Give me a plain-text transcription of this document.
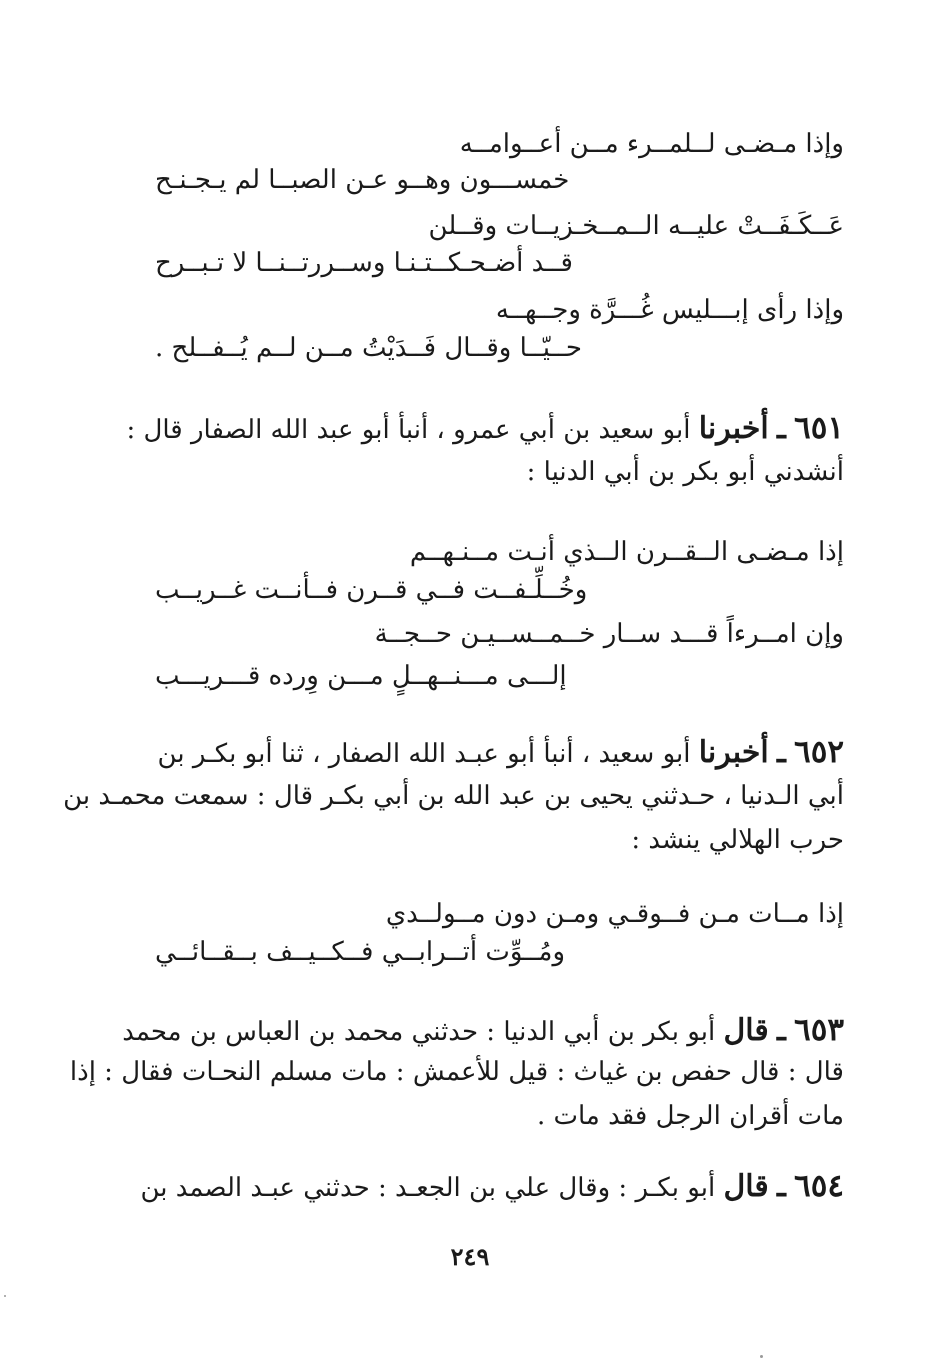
وإذا مـضـى لــلمــرء مــن أعــوامــه
خمســـون وهــو عـن الصبــا لم يـجـنـح
عَــكَـفَــتْ عليــه الــمــخـزيــات وقــلن
قــد أضـحـكــتـنـا وســررتــنــا لا تـبــرح
وإذا رأى إبـــليس غُـــرَّة وجــهــه
حــيّــا وقــال فَــدَيْتُ مــن لــم يُــفــلح .
٦٥١ ـ أخبرنا أبو سعيد بن أبي عمرو ، أنبأ أبو عبد الله الصفار قال :
أنشدني أبو بكر بن أبي الدنيا :
إذا مـضـى الــقــرن الــذي أنـت مــنـهــم
وخُــلِّـفــت فــي قــرن فــأنــت غــريــب
وإن امــرءاً قـــد ســار خــمــســيـن حــجــة
إلـــى مـــنــهــلٍ مـــن وِرده قـــريـــب
٦٥٢ ـ أخبرنا أبو سعيد ، أنبأ أبو عبـد الله الصفار ، ثنا أبو بكـر بن
أبي الـدنيا ، حـدثني يحيى بن عبد الله بن أبي بكـر قال : سمعت محمـد بن
حرب الهلالي ينشد :
إذا مــات مـن فــوقـي ومـن دون مــولــدي
ومُــوِّت أتــرابــي فــكــيــف بــقــائــي
٦٥٣ ـ قال أبو بكر بن أبي الدنيا : حدثني محمد بن العباس بن محمد
قال : قال حفص بن غياث : قيل للأعمش : مات مسلم النحـات فقال : إذا
مات أقران الرجل فقد مات .
٦٥٤ ـ قال أبو بكـر : وقال علي بن الجعـد : حدثني عبـد الصمد بن
٢٤٩
